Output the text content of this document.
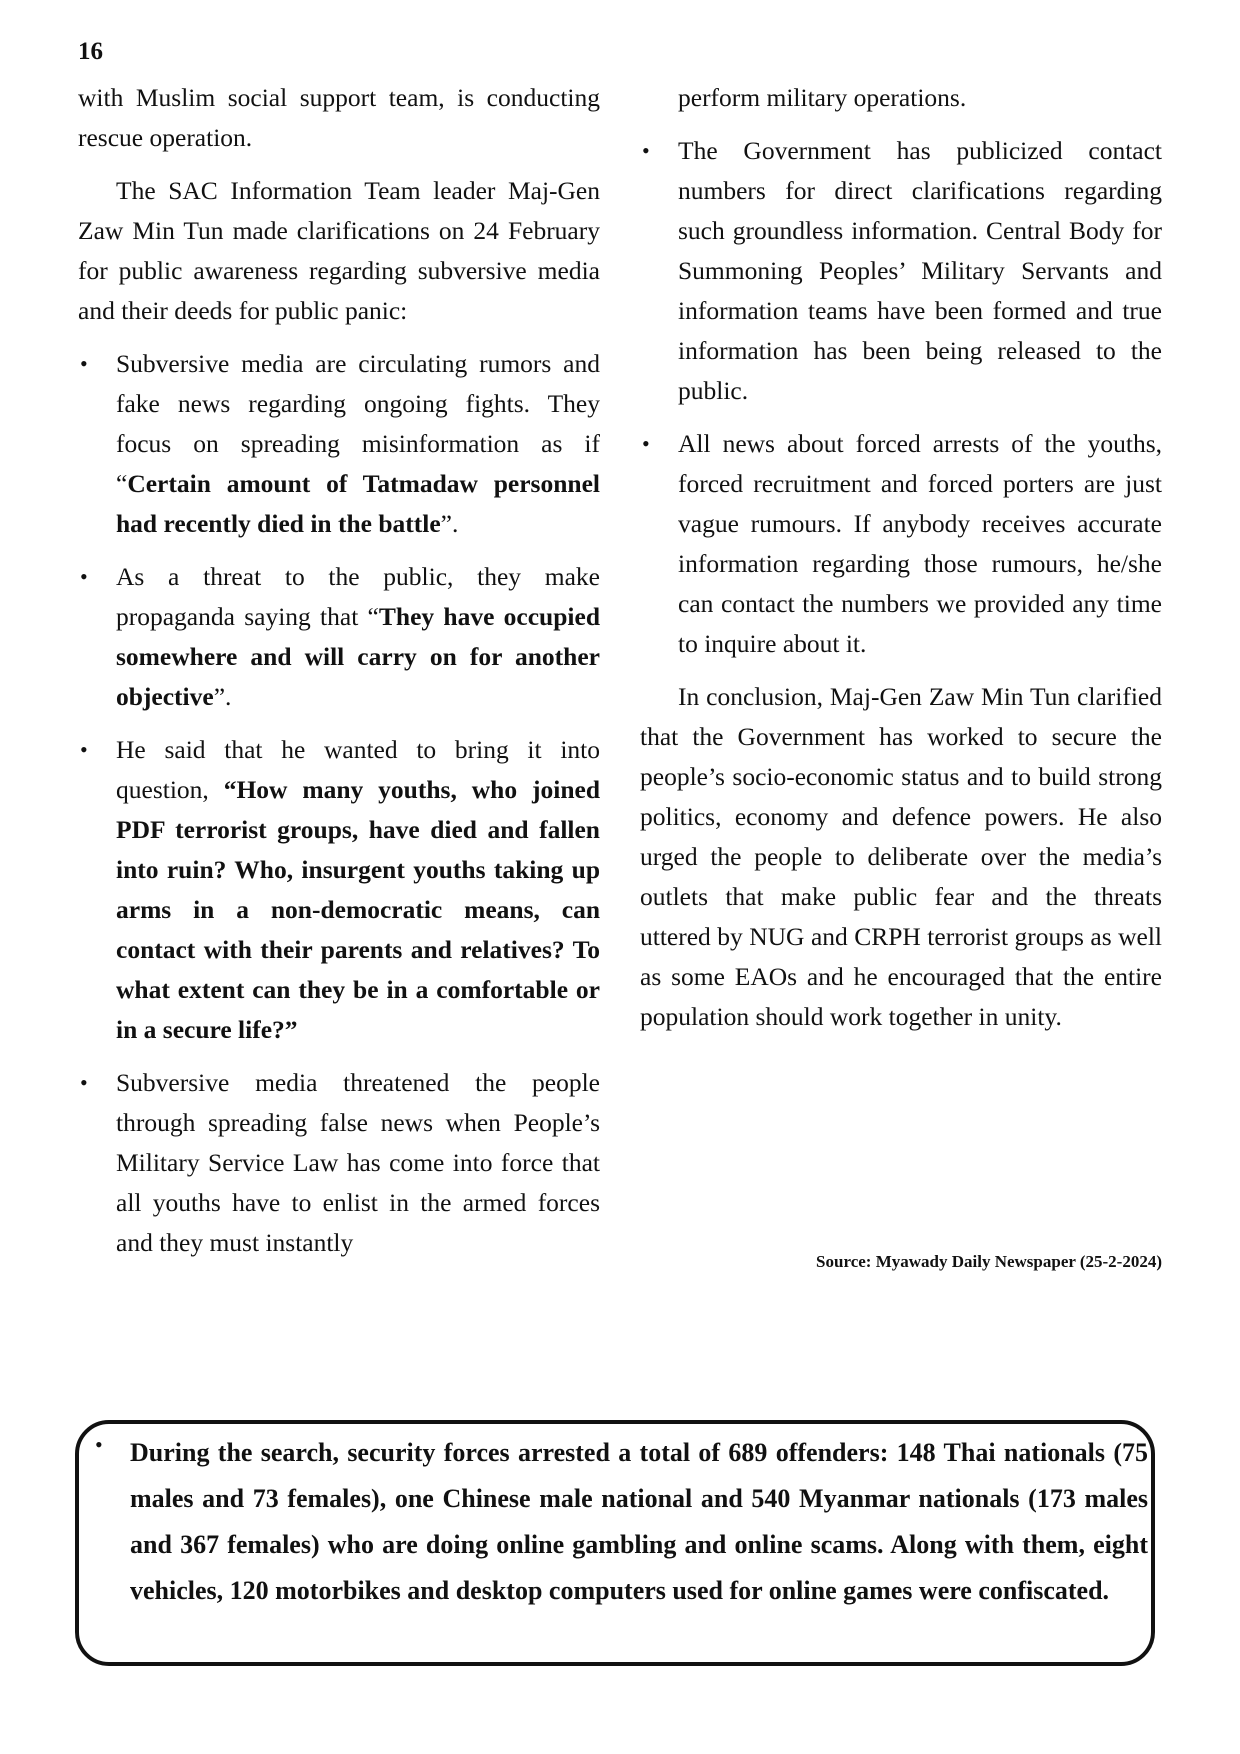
16

with Muslim social support team, is conducting rescue operation.

The SAC Information Team leader Maj-Gen Zaw Min Tun made clarifications on 24 February for public awareness regarding subversive media and their deeds for public panic:

• Subversive media are circulating rumors and fake news regarding ongoing fights. They focus on spreading misinformation as if “Certain amount of Tatmadaw personnel had recently died in the battle”.
• As a threat to the public, they make propaganda saying that “They have occupied somewhere and will carry on for another objective”.
• He said that he wanted to bring it into question, “How many youths, who joined PDF terrorist groups, have died and fallen into ruin? Who, insurgent youths taking up arms in a non-democratic means, can contact with their parents and relatives? To what extent can they be in a comfortable or in a secure life?”
• Subversive media threatened the people through spreading false news when People’s Military Service Law has come into force that all youths have to enlist in the armed forces and they must instantly

perform military operations.

• The Government has publicized contact numbers for direct clarifications regarding such groundless information. Central Body for Summoning Peoples’ Military Servants and information teams have been formed and true information has been being released to the public.
• All news about forced arrests of the youths, forced recruitment and forced porters are just vague rumours. If anybody receives accurate information regarding those rumours, he/she can contact the numbers we provided any time to inquire about it.

In conclusion, Maj-Gen Zaw Min Tun clarified that the Government has worked to secure the people’s socio-economic status and to build strong politics, economy and defence powers. He also urged the people to deliberate over the media’s outlets that make public fear and the threats uttered by NUG and CRPH terrorist groups as well as some EAOs and he encouraged that the entire population should work together in unity.

Source: Myawady Daily Newspaper (25-2-2024)
• During the search, security forces arrested a total of 689 offenders: 148 Thai nationals (75 males and 73 females), one Chinese male national and 540 Myanmar nationals (173 males and 367 females) who are doing online gambling and online scams. Along with them, eight vehicles, 120 motorbikes and desktop computers used for online games were confiscated.
